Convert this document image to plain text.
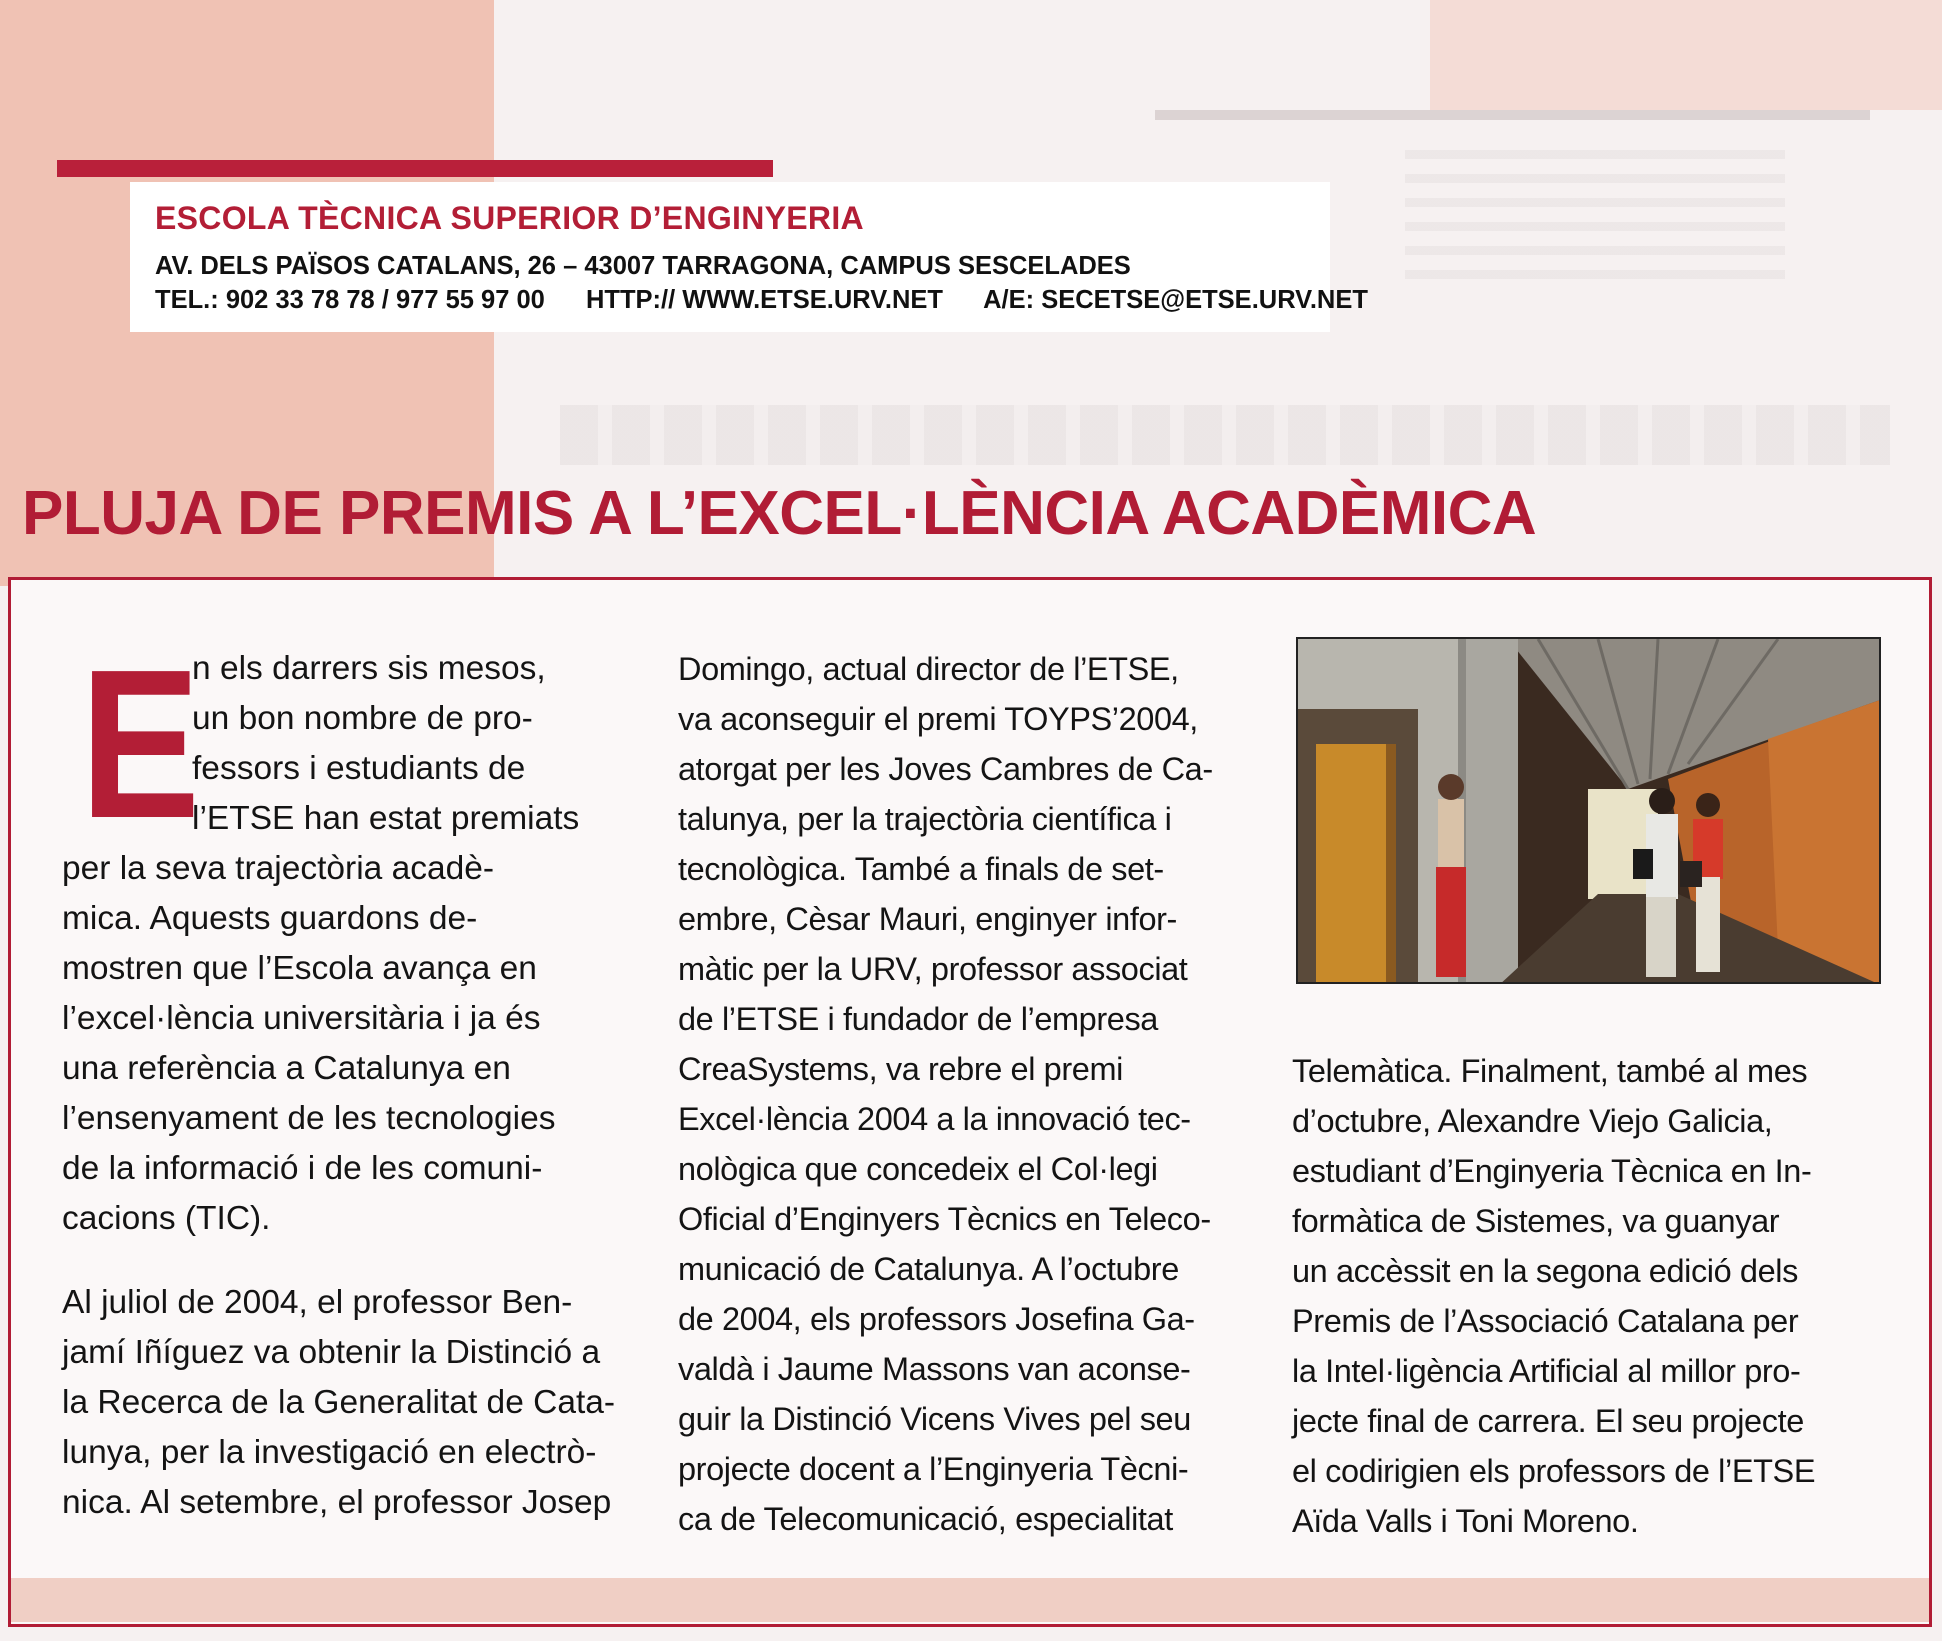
ESCOLA TÈCNICA SUPERIOR D’ENGINYERIA
AV. DELS PAÏSOS CATALANS, 26 – 43007 TARRAGONA, CAMPUS SESCELADES
TEL.: 902 33 78 78 / 977 55 97 00 HTTP:// WWW.ETSE.URV.NET A/E: SECETSE@ETSE.URV.NET
PLUJA DE PREMIS A L’EXCEL·LÈNCIA ACADÈMICA
E
n els darrers sis mesos,
un bon nombre de pro-
fessors i estudiants de
l’ETSE han estat premiats
per la seva trajectòria acadè-
mica. Aquests guardons de-
mostren que l’Escola avança en
l’excel·lència universitària i ja és
una referència a Catalunya en
l’ensenyament de les tecnologies
de la informació i de les comuni-
cacions (TIC).
Al juliol de 2004, el professor Ben-
jamí Iñíguez va obtenir la Distinció a
la Recerca de la Generalitat de Cata-
lunya, per la investigació en electrò-
nica. Al setembre, el professor Josep
Domingo, actual director de l’ETSE,
va aconseguir el premi TOYPS’2004,
atorgat per les Joves Cambres de Ca-
talunya, per la trajectòria científica i
tecnològica. També a finals de set-
embre, Cèsar Mauri, enginyer infor-
màtic per la URV, professor associat
de l’ETSE i fundador de l’empresa
CreaSystems, va rebre el premi
Excel·lència 2004 a la innovació tec-
nològica que concedeix el Col·legi
Oficial d’Enginyers Tècnics en Teleco-
municació de Catalunya. A l’octubre
de 2004, els professors Josefina Ga-
valdà i Jaume Massons van aconse-
guir la Distinció Vicens Vives pel seu
projecte docent a l’Enginyeria Tècni-
ca de Telecomunicació, especialitat
Telemàtica. Finalment, també al mes
d’octubre, Alexandre Viejo Galicia,
estudiant d’Enginyeria Tècnica en In-
formàtica de Sistemes, va guanyar
un accèssit en la segona edició dels
Premis de l’Associació Catalana per
la Intel·ligència Artificial al millor pro-
jecte final de carrera. El seu projecte
el codirigien els professors de l’ETSE
Aïda Valls i Toni Moreno.
